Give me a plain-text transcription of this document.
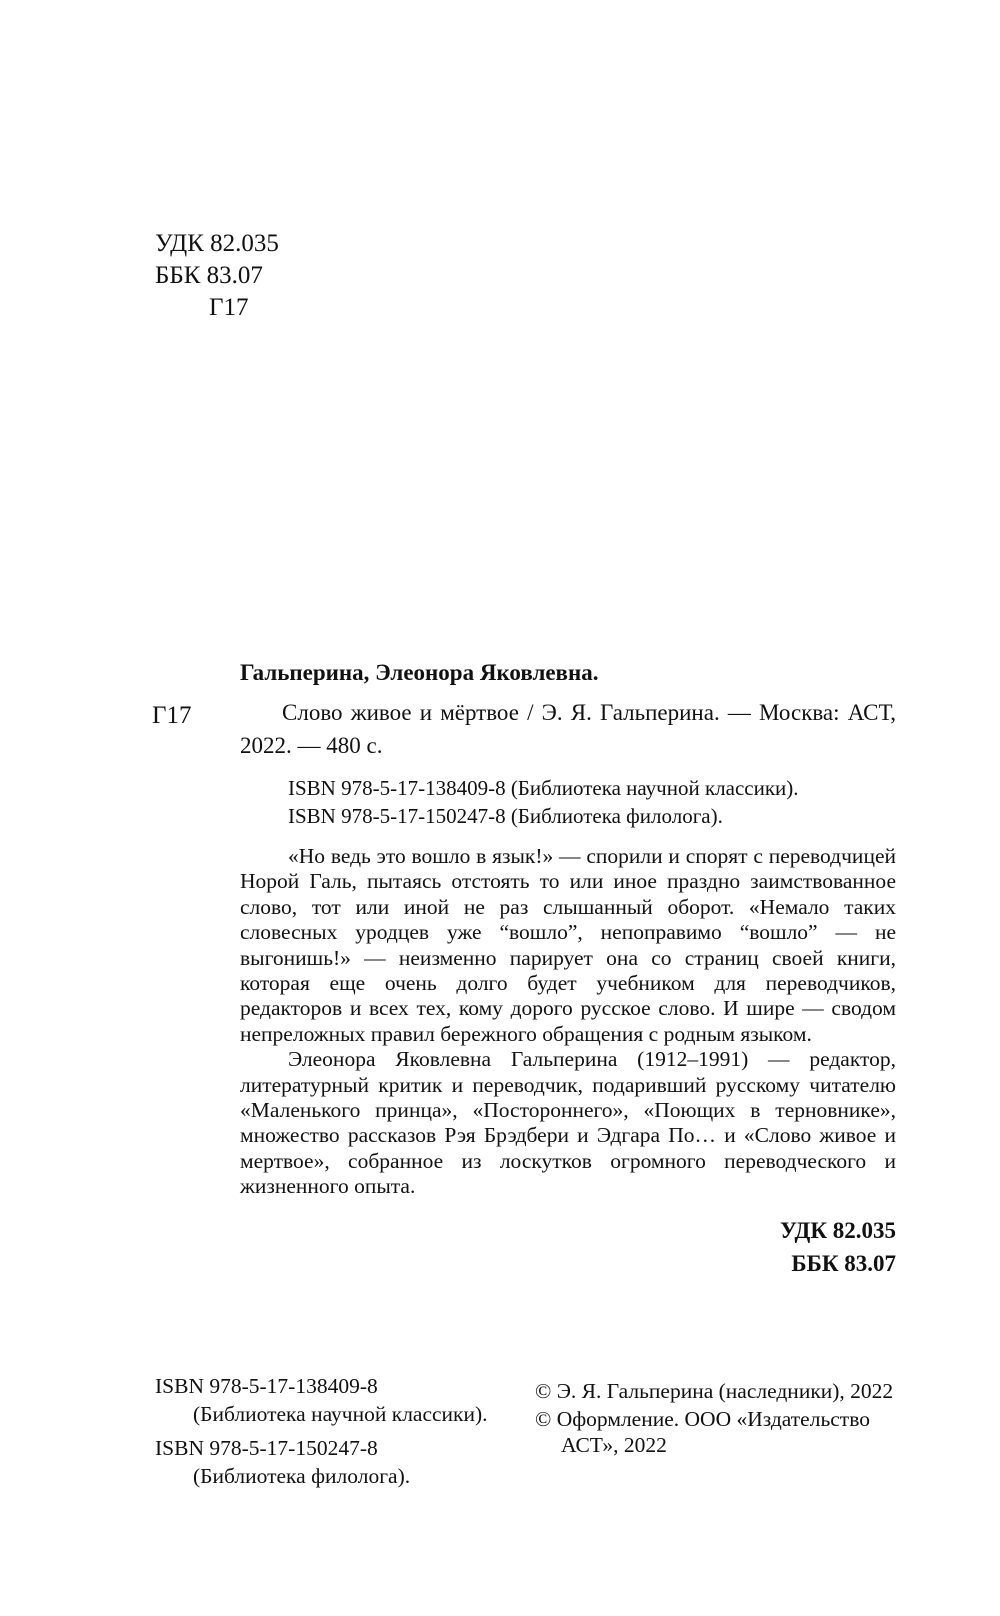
УДК 82.035
ББК 83.07
Г17
Г17

Гальперина, Элеонора Яковлевна.

Слово живое и мёртвое / Э. Я. Гальперина. — Москва: АСТ, 2022. — 480 с.

ISBN 978-5-17-138409-8 (Библиотека научной классики).
ISBN 978-5-17-150247-8 (Библиотека филолога).

«Но ведь это вошло в язык!» — спорили и спорят с переводчицей Норой Галь, пытаясь отстоять то или иное праздно заимствованное слово, тот или иной не раз слышанный оборот. «Немало таких словесных уродцев уже “вошло”, непоправимо “вошло” — не выгонишь!» — неизменно парирует она со страниц своей книги, которая еще очень долго будет учебником для переводчиков, редакторов и всех тех, кому дорого русское слово. И шире — сводом непреложных правил бережного обращения с родным языком.

Элеонора Яковлевна Гальперина (1912–1991) — редактор, литературный критик и переводчик, подаривший русскому читателю «Маленького принца», «Постороннего», «Поющих в терновнике», множество рассказов Рэя Брэдбери и Эдгара По… и «Слово живое и мертвое», собранное из лоскутков огромного переводческого и жизненного опыта.

УДК 82.035
ББК 83.07
ISBN 978-5-17-138409-8
(Библиотека научной классики).
ISBN 978-5-17-150247-8
(Библиотека филолога).
© Э. Я. Гальперина (наследники), 2022
© Оформление. ООО «Издательство АСТ», 2022
